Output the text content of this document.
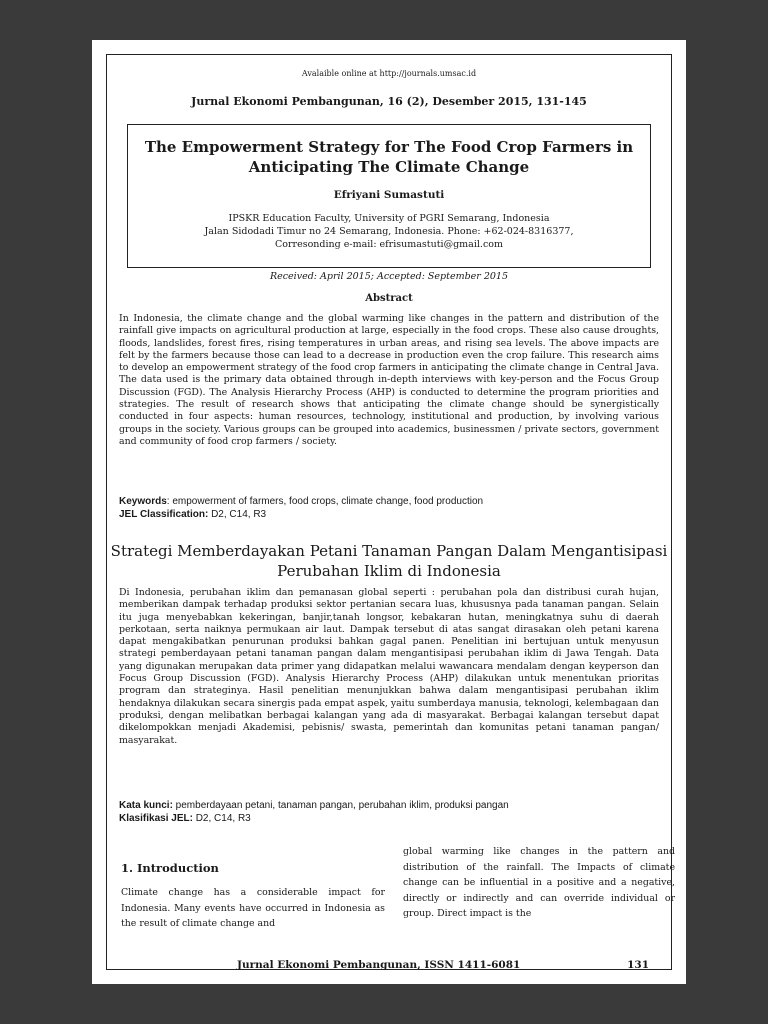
Avalaible online at http://journals.umsac.id
Jurnal Ekonomi Pembangunan, 16 (2), Desember 2015, 131-145
The Empowerment Strategy for The Food Crop Farmers in Anticipating The Climate Change
Efriyani Sumastuti
IPSKR Education Faculty, University of PGRI Semarang, Indonesia
Jalan Sidodadi Timur no 24 Semarang, Indonesia. Phone: +62-024-8316377,
Corresonding e-mail: efrisumastuti@gmail.com
Received: April 2015; Accepted: September 2015
Abstract
In Indonesia, the climate change and the global warming like changes in the pattern and distribution of the rainfall give impacts on agricultural production at large, especially in the food crops. These also cause droughts, floods, landslides, forest fires, rising temperatures in urban areas, and rising sea levels. The above impacts are felt by the farmers because those can lead to a decrease in production even the crop failure. This research aims to develop an empowerment strategy of the food crop farmers in anticipating the climate change in Central Java. The data used is the primary data obtained through in-depth interviews with key-person and the Focus Group Discussion (FGD). The Analysis Hierarchy Process (AHP) is conducted to determine the program priorities and strategies. The result of research shows that anticipating the climate change should be synergistically conducted in four aspects: human resources, technology, institutional and production, by involving various groups in the society. Various groups can be grouped into academics, businessmen / private sectors, government and community of food crop farmers / society.
Keywords: empowerment of farmers, food crops, climate change, food production
JEL Classification: D2, C14, R3
Strategi Memberdayakan Petani Tanaman Pangan Dalam Mengantisipasi Perubahan Iklim di Indonesia
Di Indonesia, perubahan iklim dan pemanasan global seperti : perubahan pola dan distribusi curah hujan, memberikan dampak terhadap produksi sektor pertanian secara luas, khususnya pada tanaman pangan. Selain itu juga menyebabkan kekeringan, banjir,tanah longsor, kebakaran hutan, meningkatnya suhu di daerah perkotaan, serta naiknya permukaan air laut. Dampak tersebut di atas sangat dirasakan oleh petani karena dapat mengakibatkan penurunan produksi bahkan gagal panen. Penelitian ini bertujuan untuk menyusun strategi pemberdayaan petani tanaman pangan dalam mengantisipasi perubahan iklim di Jawa Tengah. Data yang digunakan merupakan data primer yang didapatkan melalui wawancara mendalam dengan keyperson dan Focus Group Discussion (FGD). Analysis Hierarchy Process (AHP) dilakukan untuk menentukan prioritas program dan strateginya. Hasil penelitian menunjukkan bahwa dalam mengantisipasi perubahan iklim hendaknya dilakukan secara sinergis pada empat aspek, yaitu sumberdaya manusia, teknologi, kelembagaan dan produksi, dengan melibatkan berbagai kalangan yang ada di masyarakat. Berbagai kalangan tersebut dapat dikelompokkan menjadi Akademisi, pebisnis/ swasta, pemerintah dan komunitas petani tanaman pangan/ masyarakat.
Kata kunci: pemberdayaan petani, tanaman pangan, perubahan iklim, produksi pangan
Klasifikasi JEL: D2, C14, R3
1. Introduction
Climate change has a considerable impact for Indonesia. Many events have occurred in Indonesia as the result of climate change and
global warming like changes in the pattern and distribution of the rainfall. The Impacts of climate change can be influential in a positive and a negative, directly or indirectly and can override individual or group. Direct impact is the
Jurnal Ekonomi Pembangunan, ISSN 1411-6081	131
